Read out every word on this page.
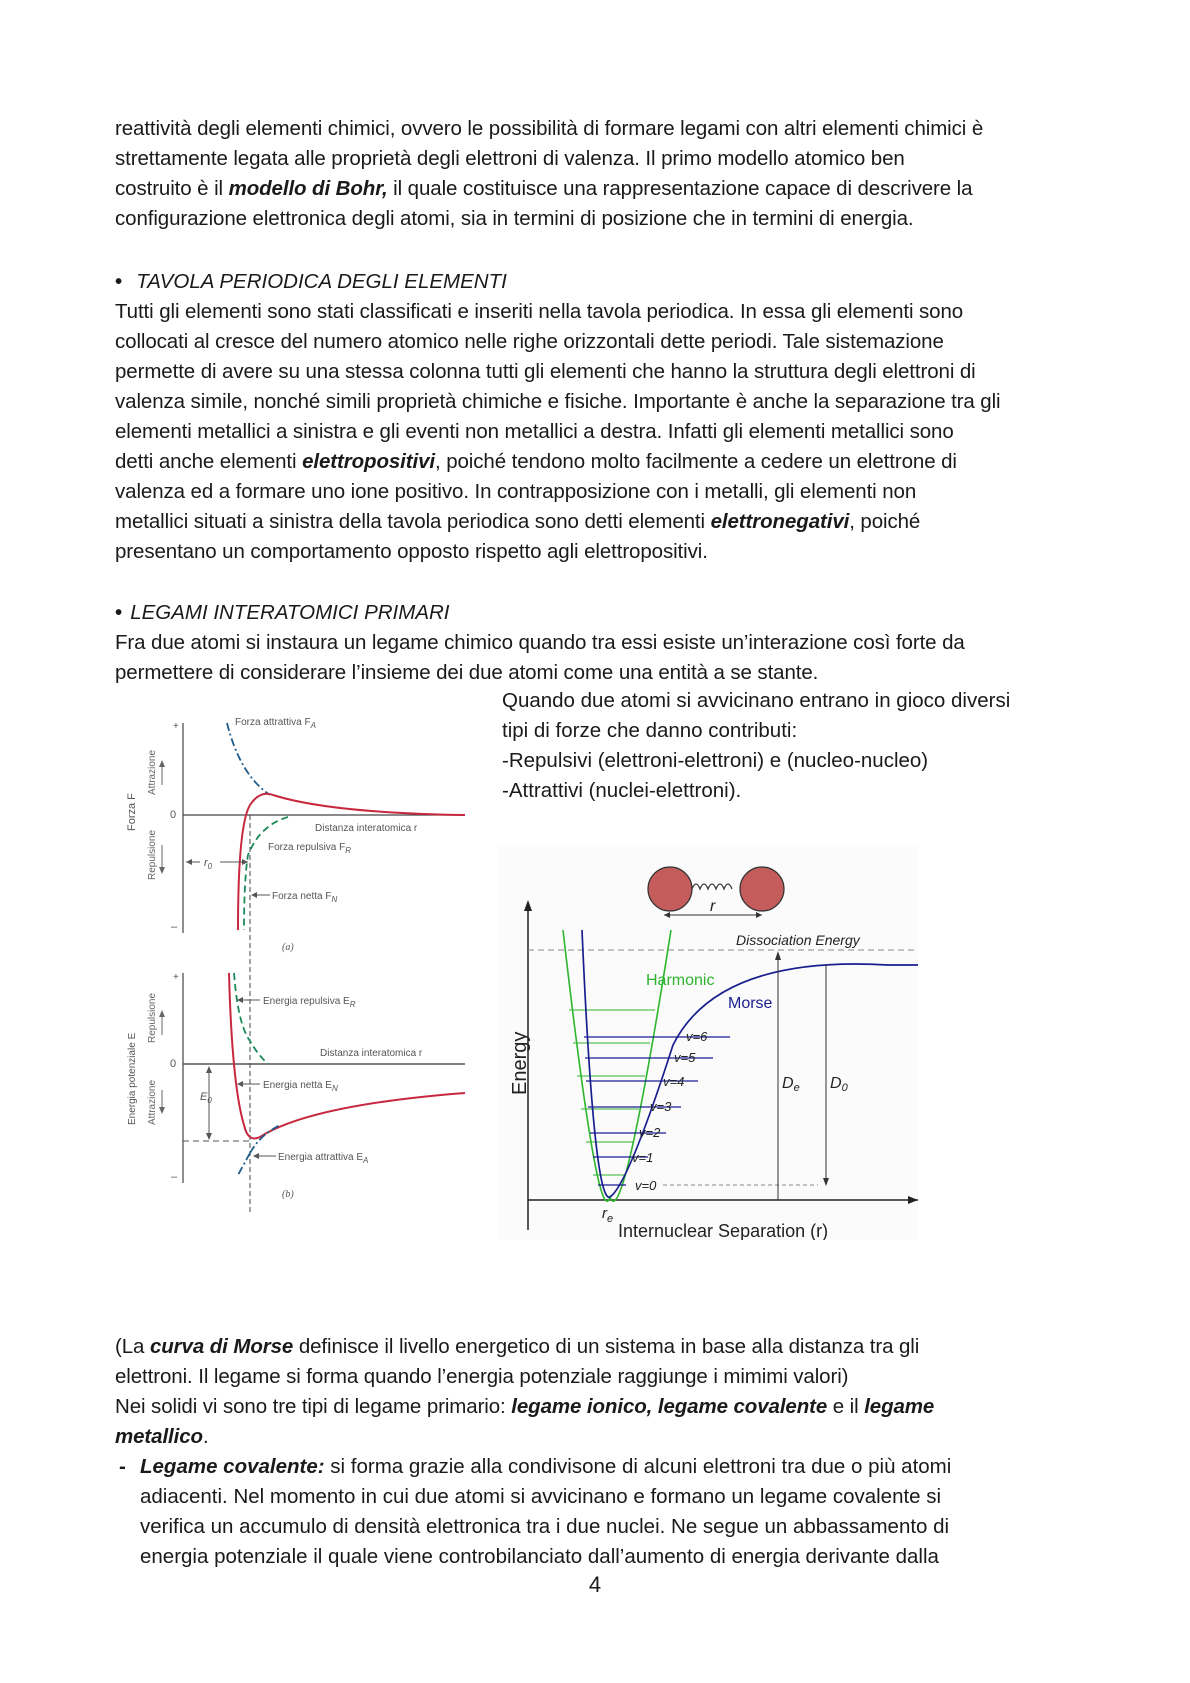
reattività degli elementi chimici, ovvero le possibilità di formare legami con altri elementi chimici è

strettamente legata alle proprietà degli elettroni di valenza. Il primo modello atomico ben

costruito è il modello di Bohr, il quale costituisce una rappresentazione capace di descrivere la

configurazione elettronica degli atomi, sia in termini di posizione che in termini di energia.

• TAVOLA PERIODICA DEGLI ELEMENTI

Tutti gli elementi sono stati classificati e inseriti nella tavola periodica. In essa gli elementi sono

collocati al cresce del numero atomico nelle righe orizzontali dette periodi. Tale sistemazione

permette di avere su una stessa colonna tutti gli elementi che hanno la struttura degli elettroni di

valenza simile, nonché simili proprietà chimiche e fisiche. Importante è anche la separazione tra gli

elementi metallici a sinistra e gli eventi non metallici a destra. Infatti gli elementi metallici sono

detti anche elementi elettropositivi, poiché tendono molto facilmente a cedere un elettrone di

valenza ed a formare uno ione positivo. In contrapposizione con i metalli, gli elementi non

metallici situati a sinistra della tavola periodica sono detti elementi elettronegativi, poiché

presentano un comportamento opposto rispetto agli elettropositivi.

• LEGAMI INTERATOMICI PRIMARI

Fra due atomi si instaura un legame chimico quando tra essi esiste un’interazione così forte da

permettere di considerare l’insieme dei due atomi come una entità a se stante.

Quando due atomi si avvicinano entrano in gioco diversi

tipi di forze che danno contributi:

-Repulsivi (elettroni-elettroni) e (nucleo-nucleo)

-Attrattivi (nuclei-elettroni).

+
–
0
Forza F
Attrazione
Repulsione	$r_0$
Forza attrattiva $F_A$
Distanza interatomica r
Forza repulsiva $F_R$
Forza netta $F_N$
(a)
+
–
0
Energia potenziale E
Repulsione
Attrazione	$E_0$
Energia repulsiva $E_R$
Distanza interatomica r
Energia netta $E_N$
Energia attrattiva $E_A$
(b)
r
Energy
Internuclear Separation (r)
Dissociation Energy
v=0
v=1
v=2
v=3
v=4
v=5
v=6
Harmonic
Morse
De D0
$r_e$

(La curva di Morse definisce il livello energetico di un sistema in base alla distanza tra gli

elettroni. Il legame si forma quando l’energia potenziale raggiunge i mimimi valori)

Nei solidi vi sono tre tipi di legame primario: legame ionico, legame covalente e il legame

metallico.

- Legame covalente: si forma grazie alla condivisone di alcuni elettroni tra due o più atomi

adiacenti. Nel momento in cui due atomi si avvicinano e formano un legame covalente si

verifica un accumulo di densità elettronica tra i due nuclei. Ne segue un abbassamento di

energia potenziale il quale viene controbilanciato dall’aumento di energia derivante dalla

4
